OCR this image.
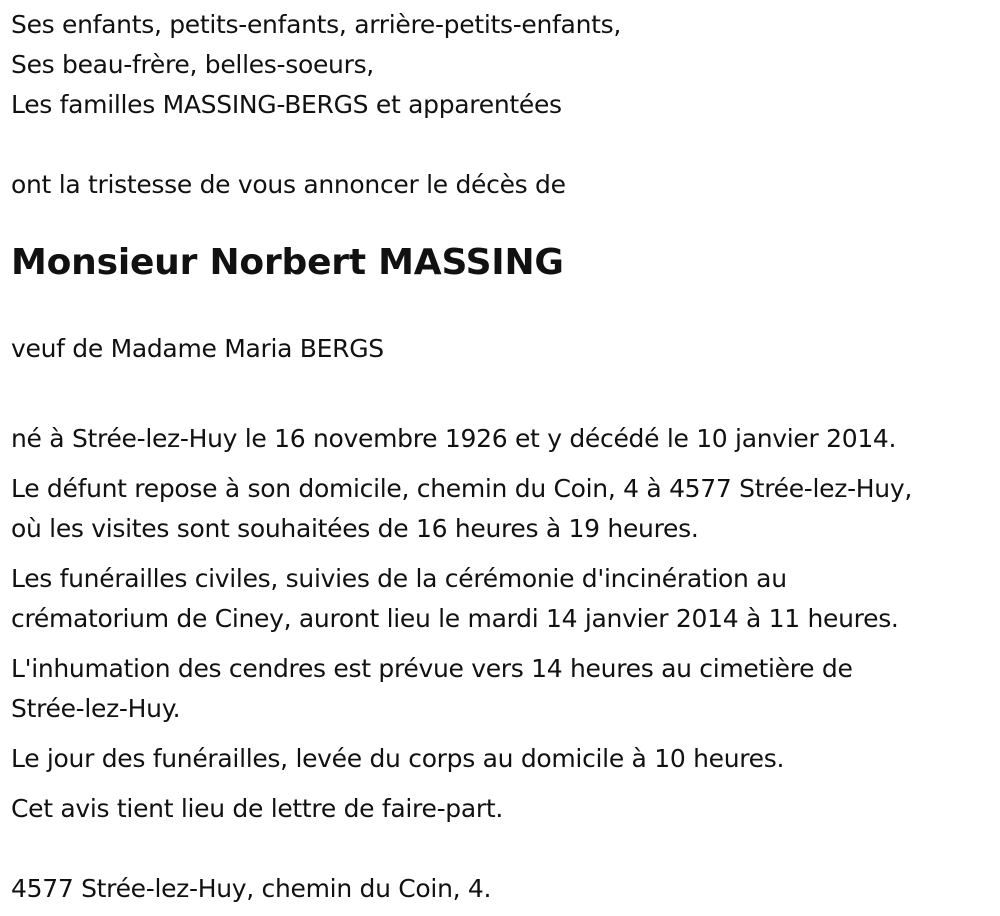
Ses enfants, petits-enfants, arrière-petits-enfants,
Ses beau-frère, belles-soeurs,
Les familles MASSING-BERGS et apparentées
ont la tristesse de vous annoncer le décès de
Monsieur Norbert MASSING
veuf de Madame Maria BERGS
né à Strée-lez-Huy le 16 novembre 1926 et y décédé le 10 janvier 2014.
Le défunt repose à son domicile, chemin du Coin, 4 à 4577 Strée-lez-Huy,
où les visites sont souhaitées de 16 heures à 19 heures.
Les funérailles civiles, suivies de la cérémonie d'incinération au
crématorium de Ciney, auront lieu le mardi 14 janvier 2014 à 11 heures.
L'inhumation des cendres est prévue vers 14 heures au cimetière de
Strée-lez-Huy.
Le jour des funérailles, levée du corps au domicile à 10 heures.
Cet avis tient lieu de lettre de faire-part.
4577 Strée-lez-Huy, chemin du Coin, 4.
